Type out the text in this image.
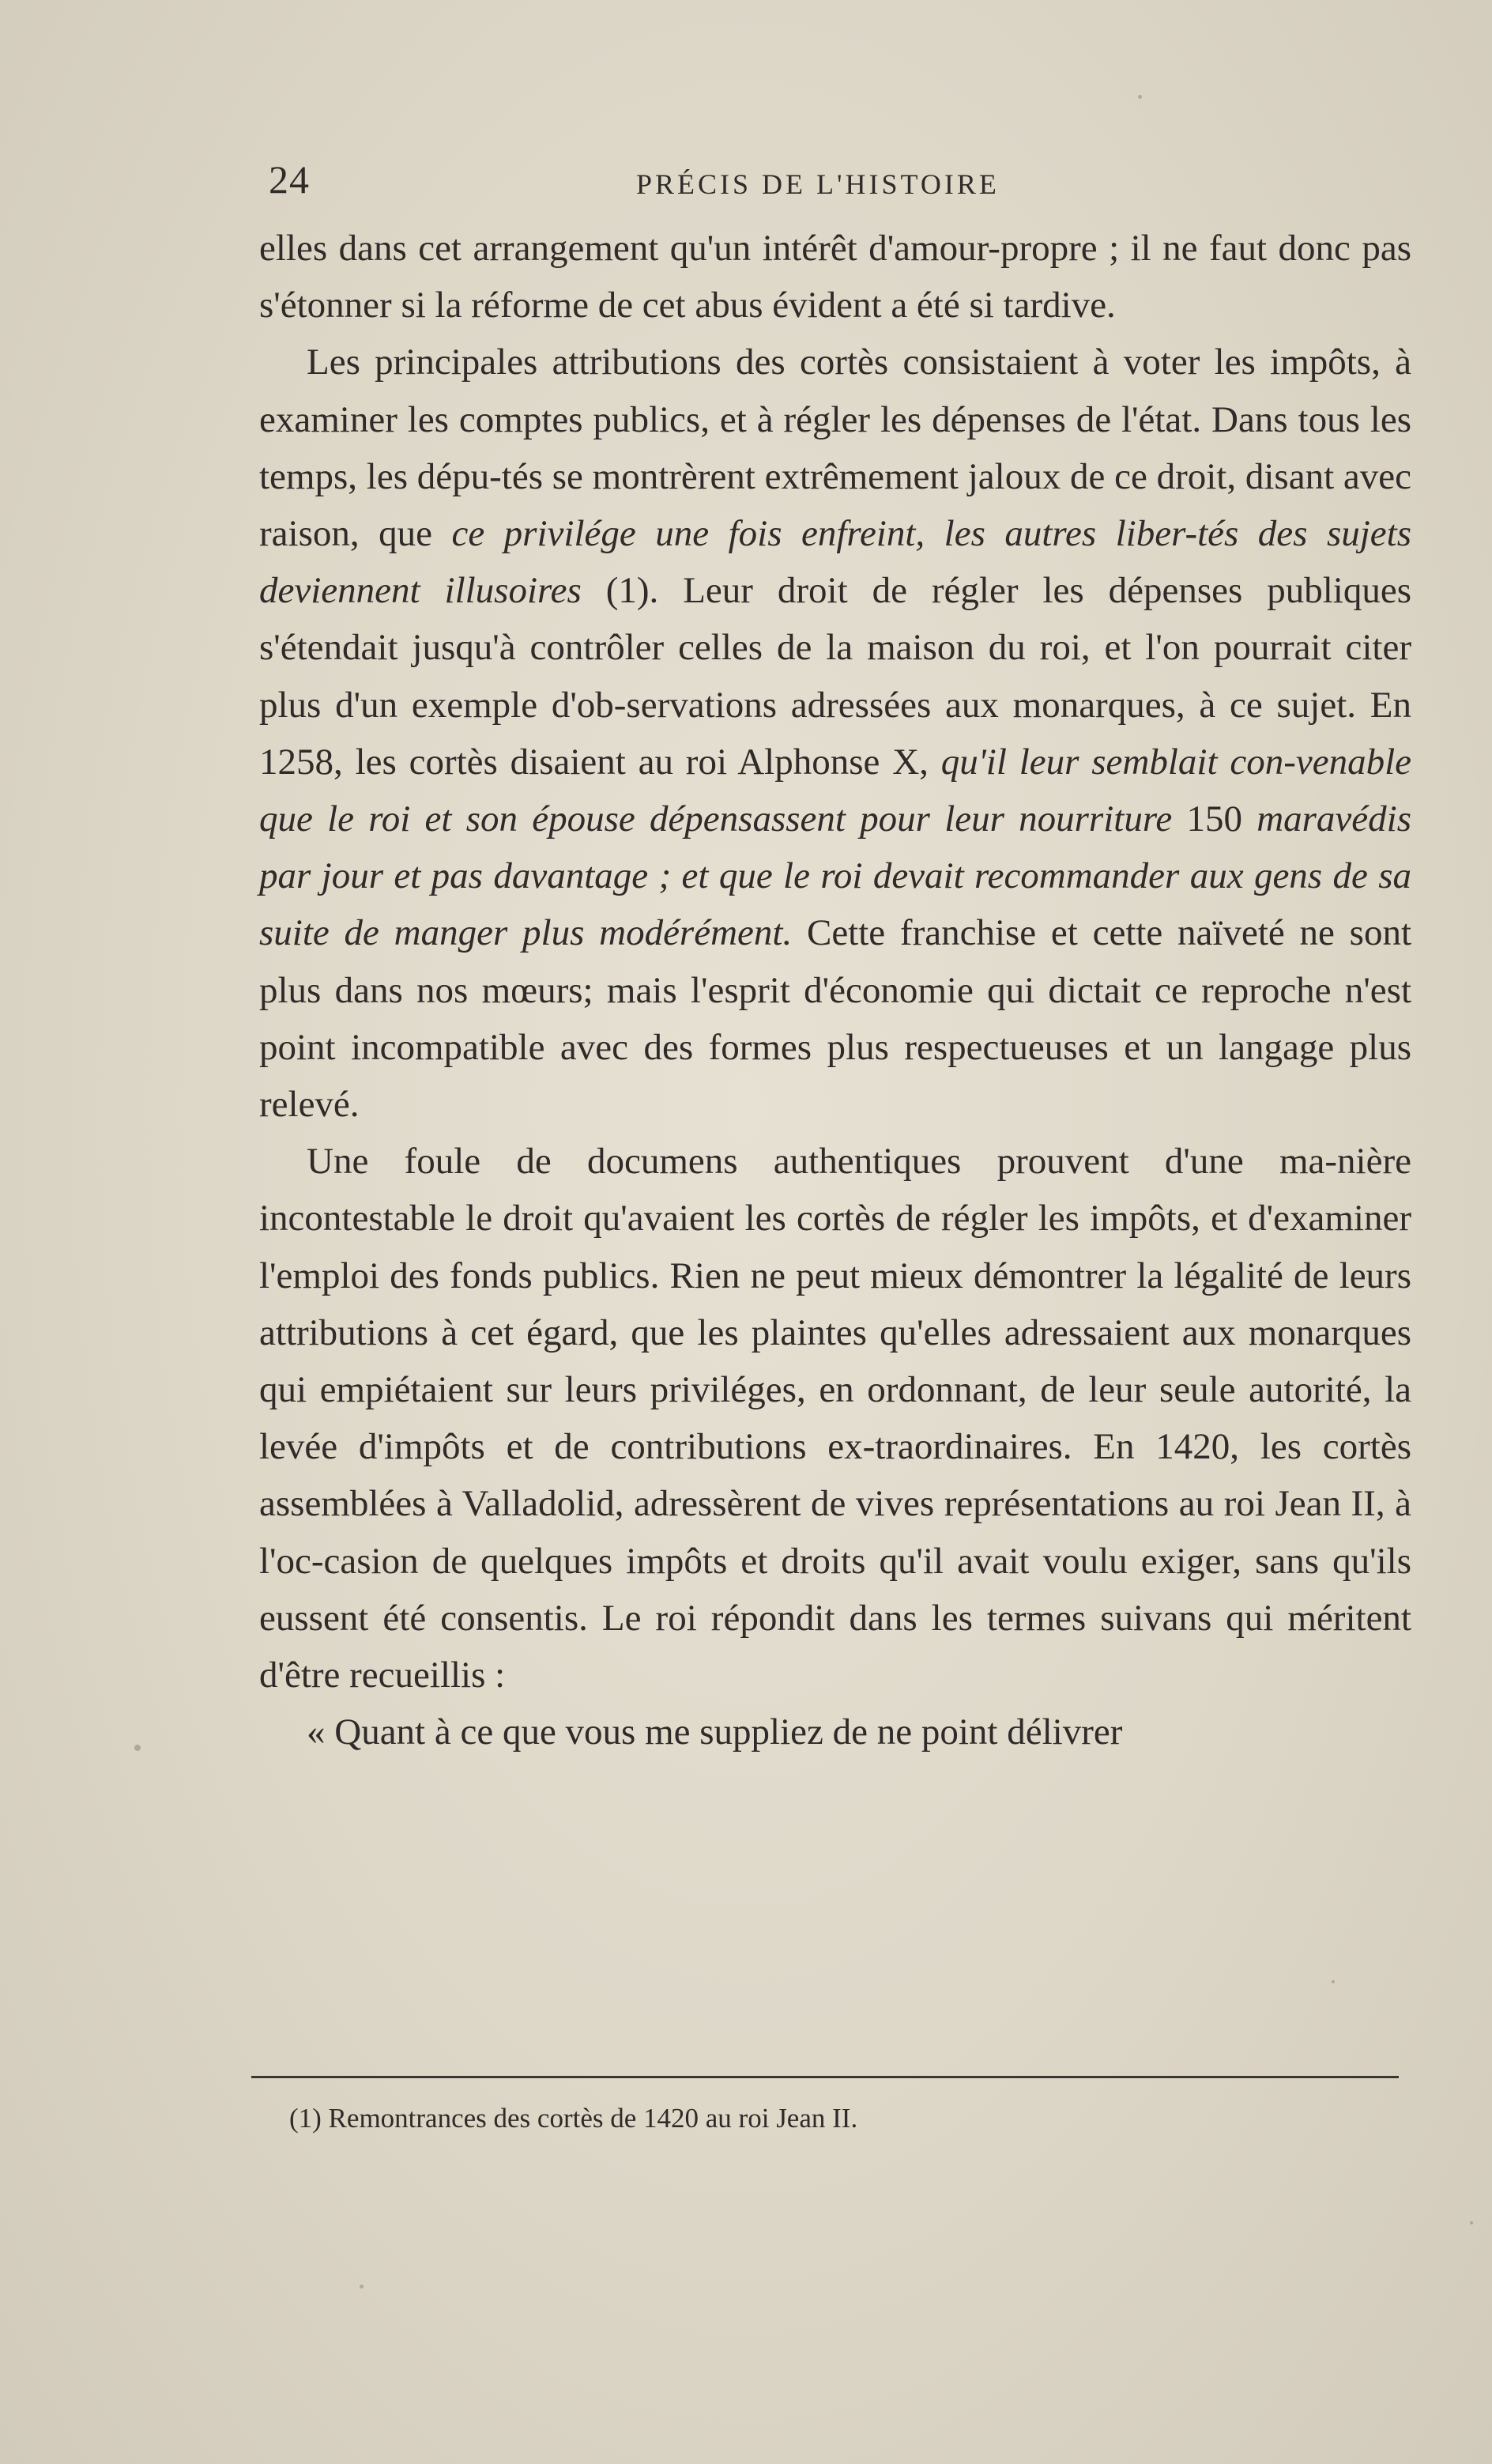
24	PRÉCIS DE L'HISTOIRE

elles dans cet arrangement qu'un intérêt d'amour-propre ; il ne faut donc pas s'étonner si la réforme de cet abus évident a été si tardive.

Les principales attributions des cortès consistaient à voter les impôts, à examiner les comptes publics, et à régler les dépenses de l'état. Dans tous les temps, les dépu-tés se montrèrent extrêmement jaloux de ce droit, disant avec raison, que ce privilége une fois enfreint, les autres liber-tés des sujets deviennent illusoires (1). Leur droit de régler les dépenses publiques s'étendait jusqu'à contrôler celles de la maison du roi, et l'on pourrait citer plus d'un exemple d'ob-servations adressées aux monarques, à ce sujet. En 1258, les cortès disaient au roi Alphonse X, qu'il leur semblait con-venable que le roi et son épouse dépensassent pour leur nourriture 150 maravédis par jour et pas davantage ; et que le roi devait recommander aux gens de sa suite de manger plus modérément. Cette franchise et cette naïveté ne sont plus dans nos mœurs; mais l'esprit d'économie qui dictait ce reproche n'est point incompatible avec des formes plus respectueuses et un langage plus relevé.

Une foule de documens authentiques prouvent d'une ma-nière incontestable le droit qu'avaient les cortès de régler les impôts, et d'examiner l'emploi des fonds publics. Rien ne peut mieux démontrer la légalité de leurs attributions à cet égard, que les plaintes qu'elles adressaient aux monarques qui empiétaient sur leurs priviléges, en ordonnant, de leur seule autorité, la levée d'impôts et de contributions ex-traordinaires. En 1420, les cortès assemblées à Valladolid, adressèrent de vives représentations au roi Jean II, à l'oc-casion de quelques impôts et droits qu'il avait voulu exiger, sans qu'ils eussent été consentis. Le roi répondit dans les termes suivans qui méritent d'être recueillis :

« Quant à ce que vous me suppliez de ne point délivrer

(1) Remontrances des cortès de 1420 au roi Jean II.
